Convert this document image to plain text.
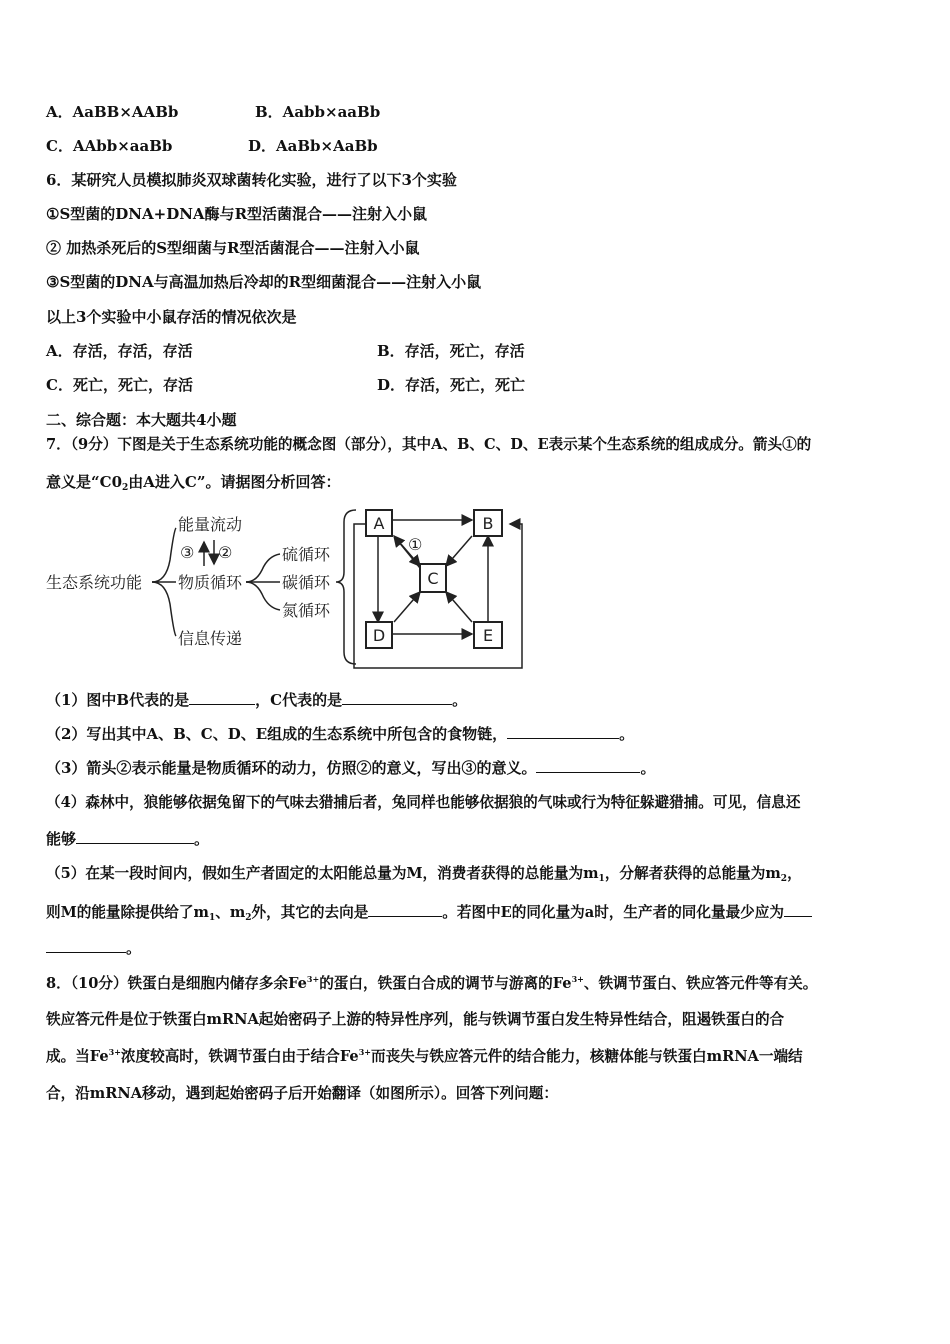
A．AaBB×AABb	B．Aabb×aaBb
C．AAbb×aaBb	D．AaBb×AaBb
6．某研究人员模拟肺炎双球菌转化实验，进行了以下3个实验
①S型菌的DNA+DNA酶与R型活菌混合——注射入小鼠
② 加热杀死后的S型细菌与R型活菌混合——注射入小鼠
③S型菌的DNA与高温加热后冷却的R型细菌混合——注射入小鼠
以上3个实验中小鼠存活的情况依次是
A．存活，存活，存活	B．存活，死亡，存活
C．死亡，死亡，存活	D．存活，死亡，死亡
二、综合题：本大题共4小题
7．（9分）下图是关于生态系统功能的概念图（部分），其中A、B、C、D、E表示某个生态系统的组成成分。箭头①的
意义是“$C0_2$由A进入C”。请据图分析回答：
生态系统功能
能量流动
物质循环
信息传递
③ ②	硫循环
碳循环
氮循环
①
A	B
C
D	E
（1）图中B代表的是	，C代表的是	。
（2）写出其中A、B、C、D、E组成的生态系统中所包含的食物链，	。
（3）箭头②表示能量是物质循环的动力，仿照②的意义，写出③的意义。	。
（4）森林中，狼能够依据兔留下的气味去猎捕后者，兔同样也能够依据狼的气味或行为特征躲避猎捕。可见，信息还
能够	。
（5）在某一段时间内，假如生产者固定的太阳能总量为M，消费者获得的总能量为$m_1$，分解者获得的总能量为$m_2$，
则M的能量除提供给了$m_1$、$m_2$外，其它的去向是	。若图中E的同化量为a时，生产者的同化量最少应为
。
8．（10分）铁蛋白是细胞内储存多余$Fe^{3+}$的蛋白，铁蛋白合成的调节与游离的$Fe^{3+}$、铁调节蛋白、铁应答元件等有关。
铁应答元件是位于铁蛋白mRNA起始密码子上游的特异性序列，能与铁调节蛋白发生特异性结合，阻遏铁蛋白的合
成。当$Fe^{3+}$浓度较高时，铁调节蛋白由于结合$Fe^{3+}$而丧失与铁应答元件的结合能力，核糖体能与铁蛋白mRNA一端结
合，沿mRNA移动，遇到起始密码子后开始翻译（如图所示）。回答下列问题：
